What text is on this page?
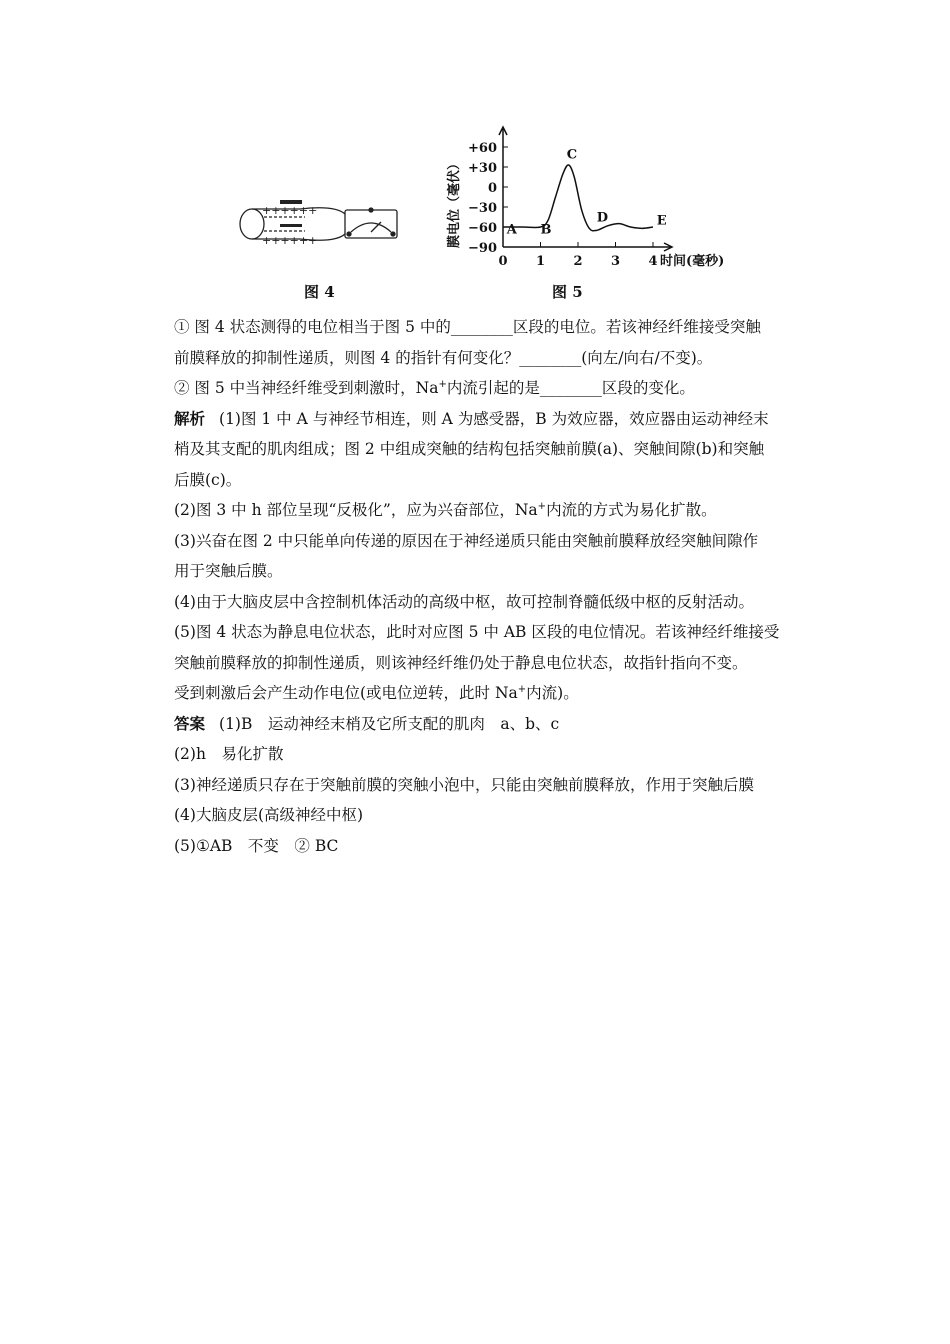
++++++
++++++
图 4	图 5
膜电位（毫伏）
时间(毫秒)
+60
+30
0
−30
−60
−90
0 1 2 3 4
A B
C
D	E
① 图 4 状态测得的电位相当于图 5 中的________区段的电位。若该神经纤维接受突触
前膜释放的抑制性递质，则图 4 的指针有何变化？________(向左/向右/不变)。
② 图 5 中当神经纤维受到刺激时，Na+内流引起的是________区段的变化。
解析 (1)图 1 中 A 与神经节相连，则 A 为感受器，B 为效应器，效应器由运动神经末
梢及其支配的肌肉组成；图 2 中组成突触的结构包括突触前膜(a)、突触间隙(b)和突触
后膜(c)。
(2)图 3 中 h 部位呈现“反极化”，应为兴奋部位，Na+内流的方式为易化扩散。
(3)兴奋在图 2 中只能单向传递的原因在于神经递质只能由突触前膜释放经突触间隙作
用于突触后膜。
(4)由于大脑皮层中含控制机体活动的高级中枢，故可控制脊髓低级中枢的反射活动。
(5)图 4 状态为静息电位状态，此时对应图 5 中 AB 区段的电位情况。若该神经纤维接受
突触前膜释放的抑制性递质，则该神经纤维仍处于静息电位状态，故指针指向不变。
受到刺激后会产生动作电位(或电位逆转，此时 Na+内流)。
答案 (1)B　运动神经末梢及它所支配的肌肉　a、b、c
(2)h　易化扩散
(3)神经递质只存在于突触前膜的突触小泡中，只能由突触前膜释放，作用于突触后膜
(4)大脑皮层(高级神经中枢)
(5)①AB　不变　② BC
